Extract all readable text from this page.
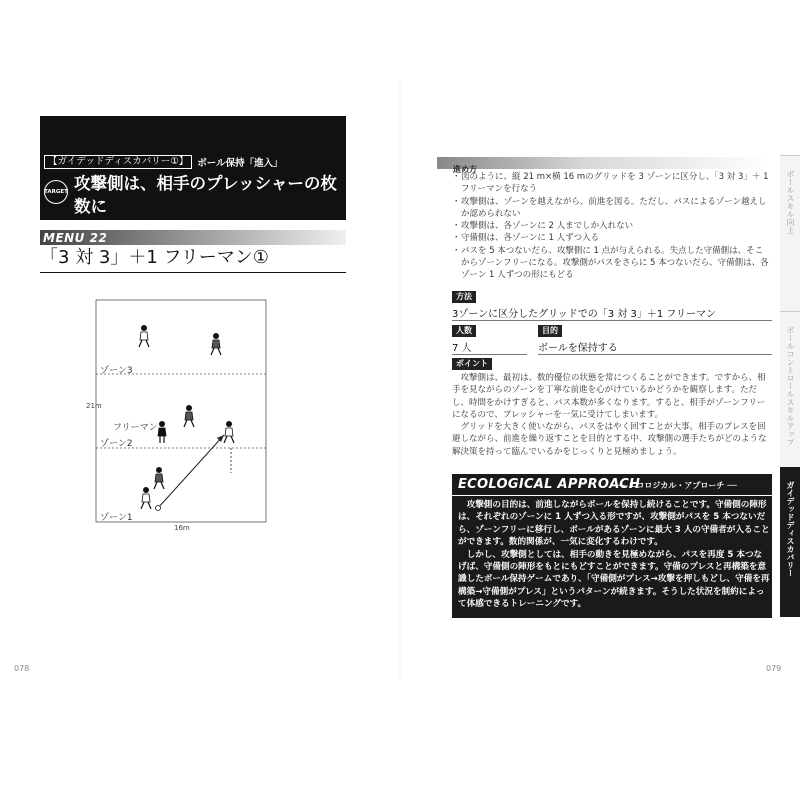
【ガイデッドディスカバリー①】 ボール保持「進入」
TARGET 攻撃側は、相手のプレッシャーの枚数に
MENU 22
「3 対 3」＋1 フリーマン①
ゾーン3
フリーマン
ゾーン2
ゾーン1
21m
16m
078
進め方
・ 図のように、縦 21 m×横 16 mのグリッドを 3 ゾーンに区分し、「3 対 3」＋ 1 フリーマンを行なう
・ 攻撃側は、ゾーンを越えながら、前進を図る。ただし、パスによるゾーン越えしか認められない
・ 攻撃側は、各ゾーンに 2 人までしか入れない
・ 守備側は、各ゾーンに 1 人ずつ入る
・ パスを 5 本つないだら、攻撃側に 1 点が与えられる。失点した守備側は、そこからゾーンフリーになる。攻撃側がパスをさらに 5 本つないだら、守備側は、各ゾーン 1 人ずつの形にもどる
方法
3ゾーンに区分したグリッドでの「3 対 3」＋1 フリーマン
人数
7 人
目的
ボールを保持する
ポイント

攻撃側は、最初は、数的優位の状態を常につくることができます。ですから、相手を見ながらのゾーンを丁寧な前進を心がけているかどうかを観察します。ただし、時間をかけすぎると、パス本数が多くなります。すると、相手がゾーンフリーになるので、プレッシャーを一気に受けてしまいます。

グリッドを大きく使いながら、パスをはやく回すことが大事。相手のプレスを回避しながら、前進を繰り返すことを目的とする中、攻撃側の選手たちがどのような解決策を持って臨んでいるかをじっくりと見極めましょう。

ECOLOGICAL APPROACH
── エコロジカル・アプローチ ──

攻撃側の目的は、前進しながらボールを保持し続けることです。守備側の陣形は、それぞれのゾーンに 1 人ずつ入る形ですが、攻撃側がパスを 5 本つないだら、ゾーンフリーに移行し、ボールがあるゾーンに最大 3 人の守備者が入ることができます。数的関係が、一気に変化するわけです。

しかし、攻撃側としては、相手の動きを見極めながら、パスを再度 5 本つなげば、守備側の陣形をもとにもどすことができます。守備のプレスと再構築を意識したボール保持ゲームであり、「守備側がプレス→攻撃を押しもどし、守備を再構築→守備側がプレス」というパターンが続きます。そうした状況を制約によって体感できるトレーニングです。

079
ボールスキル向上
ボールコントロールスキルアップ
ガイデッドディスカバリー
